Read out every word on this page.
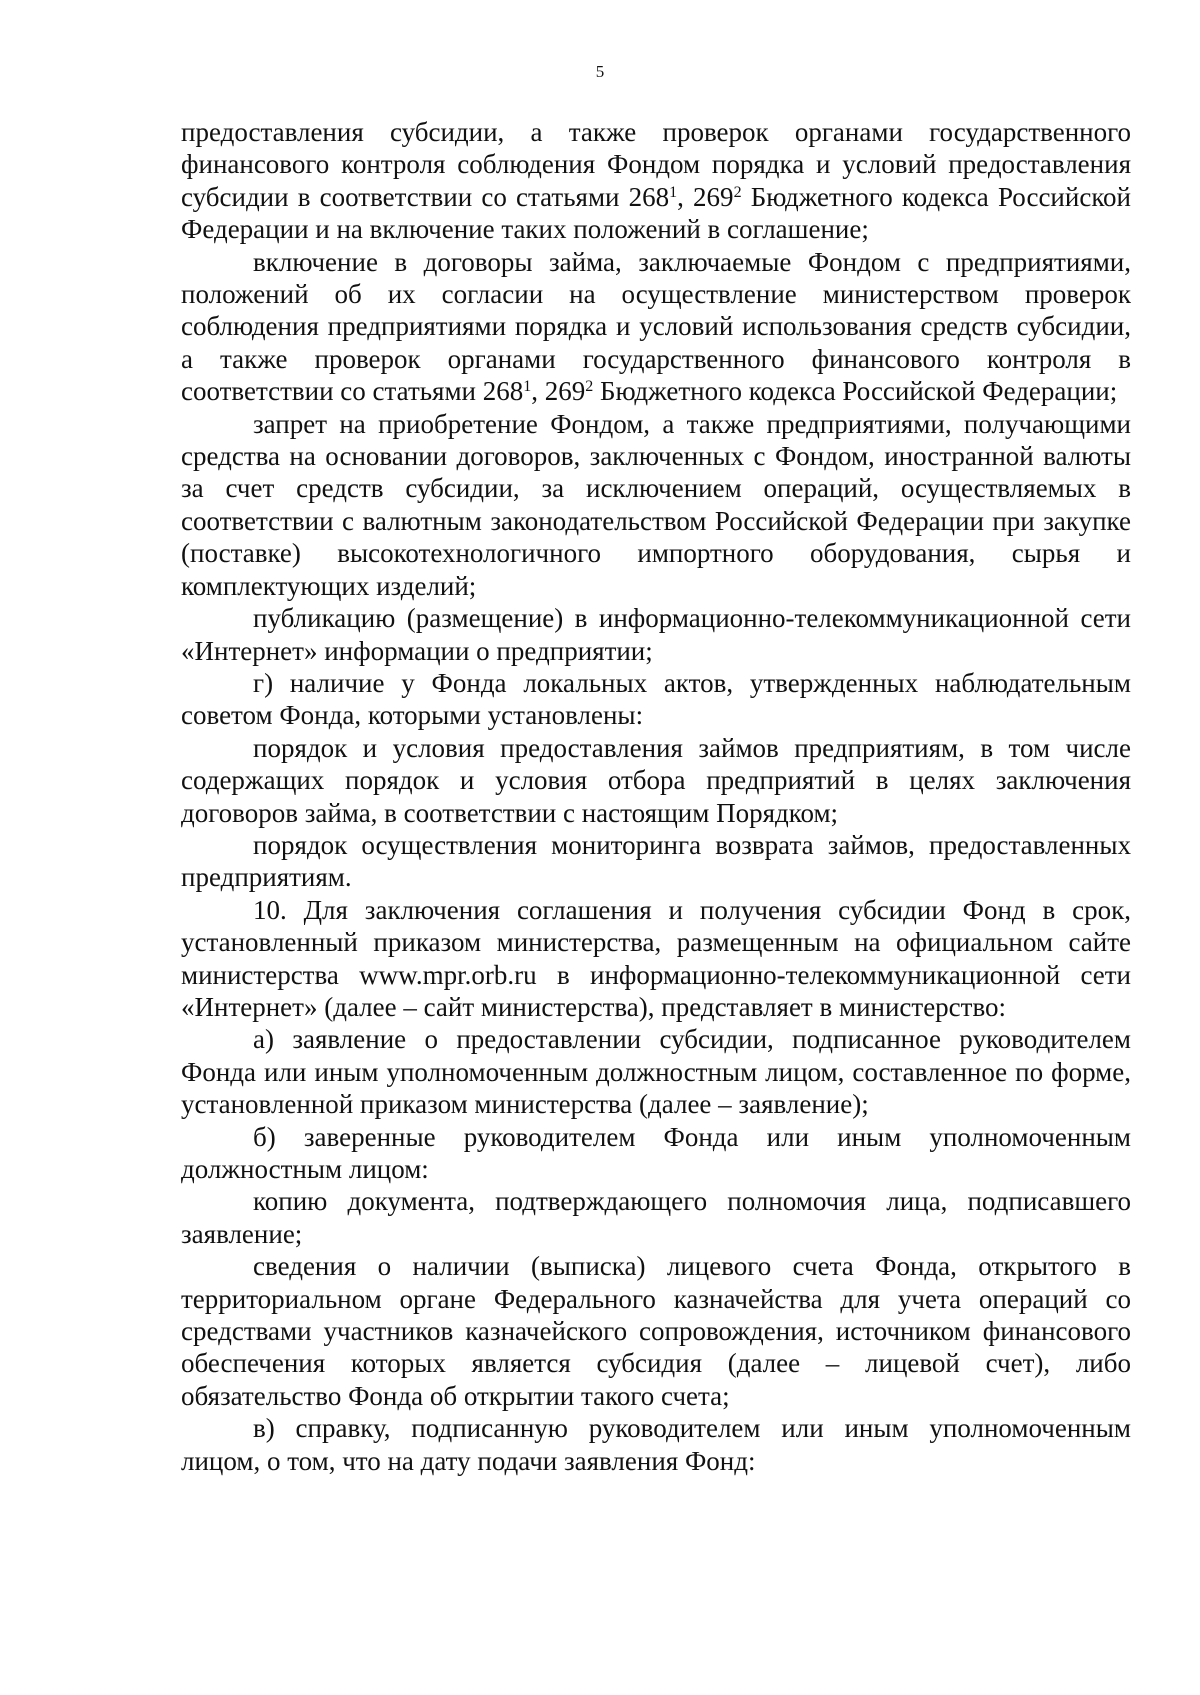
5

предоставления субсидии, а также проверок органами государственного финансового контроля соблюдения Фондом порядка и условий предоставления субсидии в соответствии со статьями $268^1$, $269^2$ Бюджетного кодекса Российской Федерации и на включение таких положений в соглашение;

включение в договоры займа, заключаемые Фондом с предприятиями, положений об их согласии на осуществление министерством проверок соблюдения предприятиями порядка и условий использования средств субсидии, а также проверок органами государственного финансового контроля в соответствии со статьями $268^1$, $269^2$ Бюджетного кодекса Российской Федерации;

запрет на приобретение Фондом, а также предприятиями, получающими средства на основании договоров, заключенных с Фондом, иностранной валюты за счет средств субсидии, за исключением операций, осуществляемых в соответствии с валютным законодательством Российской Федерации при закупке (поставке) высокотехнологичного импортного оборудования, сырья и комплектующих изделий;

публикацию (размещение) в информационно-телекоммуникационной сети «Интернет» информации о предприятии;

г) наличие у Фонда локальных актов, утвержденных наблюдательным советом Фонда, которыми установлены:

порядок и условия предоставления займов предприятиям, в том числе содержащих порядок и условия отбора предприятий в целях заключения договоров займа, в соответствии с настоящим Порядком;

порядок осуществления мониторинга возврата займов, предоставленных предприятиям.

10. Для заключения соглашения и получения субсидии Фонд в срок, установленный приказом министерства, размещенным на официальном сайте министерства www.mpr.orb.ru в информационно-телекоммуникационной сети «Интернет» (далее – сайт министерства), представляет в министерство:

а) заявление о предоставлении субсидии, подписанное руководителем Фонда или иным уполномоченным должностным лицом, составленное по форме, установленной приказом министерства (далее – заявление);

б) заверенные руководителем Фонда или иным уполномоченным должностным лицом:

копию документа, подтверждающего полномочия лица, подписавшего заявление;

сведения о наличии (выписка) лицевого счета Фонда, открытого в территориальном органе Федерального казначейства для учета операций со средствами участников казначейского сопровождения, источником финансового обеспечения которых является субсидия (далее – лицевой счет), либо обязательство Фонда об открытии такого счета;

в) справку, подписанную руководителем или иным уполномоченным лицом, о том, что на дату подачи заявления Фонд:
